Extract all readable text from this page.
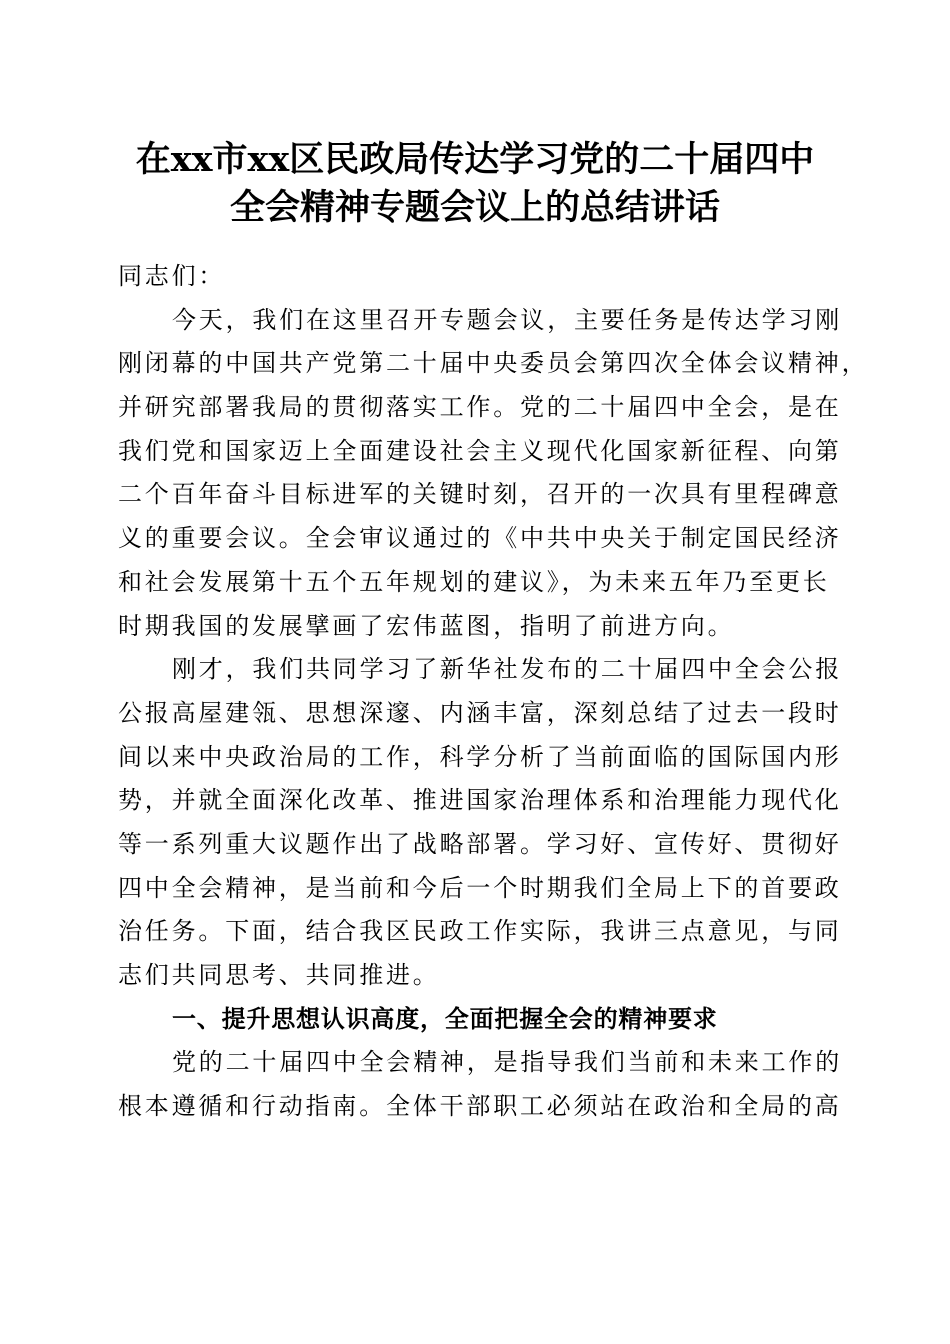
在xx市xx区民政局传达学习党的二十届四中
全会精神专题会议上的总结讲话
同志们：
今天，我们在这里召开专题会议，主要任务是传达学习刚
刚闭幕的中国共产党第二十届中央委员会第四次全体会议精神，
并研究部署我局的贯彻落实工作。党的二十届四中全会，是在
我们党和国家迈上全面建设社会主义现代化国家新征程、向第
二个百年奋斗目标进军的关键时刻，召开的一次具有里程碑意
义的重要会议。全会审议通过的《中共中央关于制定国民经济
和社会发展第十五个五年规划的建议》，为未来五年乃至更长
时期我国的发展擘画了宏伟蓝图，指明了前进方向。
刚才，我们共同学习了新华社发布的二十届四中全会公报
公报高屋建瓴、思想深邃、内涵丰富，深刻总结了过去一段时
间以来中央政治局的工作，科学分析了当前面临的国际国内形
势，并就全面深化改革、推进国家治理体系和治理能力现代化
等一系列重大议题作出了战略部署。学习好、宣传好、贯彻好
四中全会精神，是当前和今后一个时期我们全局上下的首要政
治任务。下面，结合我区民政工作实际，我讲三点意见，与同
志们共同思考、共同推进。
一、提升思想认识高度，全面把握全会的精神要求
党的二十届四中全会精神，是指导我们当前和未来工作的
根本遵循和行动指南。全体干部职工必须站在政治和全局的高
